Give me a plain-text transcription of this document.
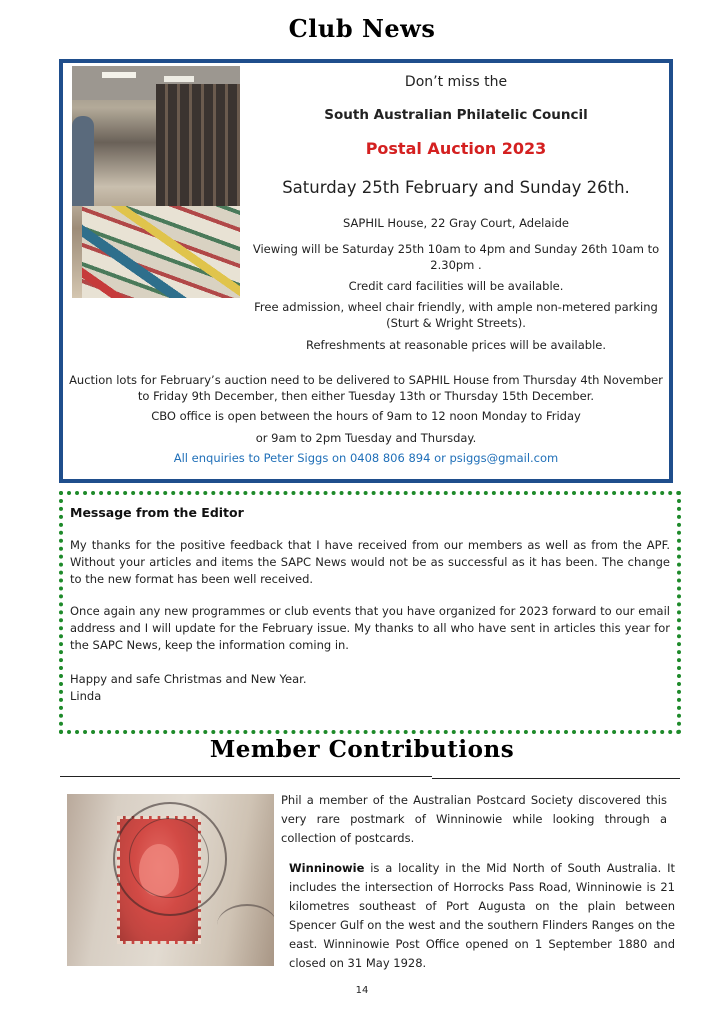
Club News
Don’t miss the
South Australian Philatelic Council
Postal Auction 2023
Saturday 25th February and Sunday 26th.
SAPHIL House, 22 Gray Court, Adelaide
Viewing will be Saturday 25th 10am to 4pm and Sunday 26th 10am to 2.30pm .
Credit card facilities will be available.
Free admission, wheel chair friendly, with ample non-metered parking (Sturt & Wright Streets).
Refreshments at reasonable prices will be available.
Auction lots for February’s auction need to be delivered to SAPHIL House from Thursday 4th November to Friday 9th December, then either Tuesday 13th or Thursday 15th December.
CBO office is open between the hours of 9am to 12 noon Monday to Friday
or 9am to 2pm Tuesday and Thursday.
All enquiries to Peter Siggs on 0408 806 894 or psiggs@gmail.com
Message from the Editor
My thanks for the positive feedback that I have received from our members as well as from the APF. Without your articles and items the SAPC News would not be as successful as it has been. The change to the new format has been well received.
Once again any new programmes or club events that you have organized for 2023 forward to our email address and I will update for the February issue. My thanks to all who have sent in articles this year for the SAPC News, keep the information coming in.
Happy and safe Christmas and New Year.
Linda
Member Contributions
Phil a member of the Australian Postcard Society discovered this very rare postmark of Winninowie while looking through a collection of postcards.
Winninowie is a locality in the Mid North of South Australia. It includes the intersection of Horrocks Pass Road, Winninowie is 21 kilometres southeast of Port Augusta on the plain between Spencer Gulf on the west and the southern Flinders Ranges on the east. Winninowie Post Office opened on 1 September 1880 and closed on 31 May 1928.
14
